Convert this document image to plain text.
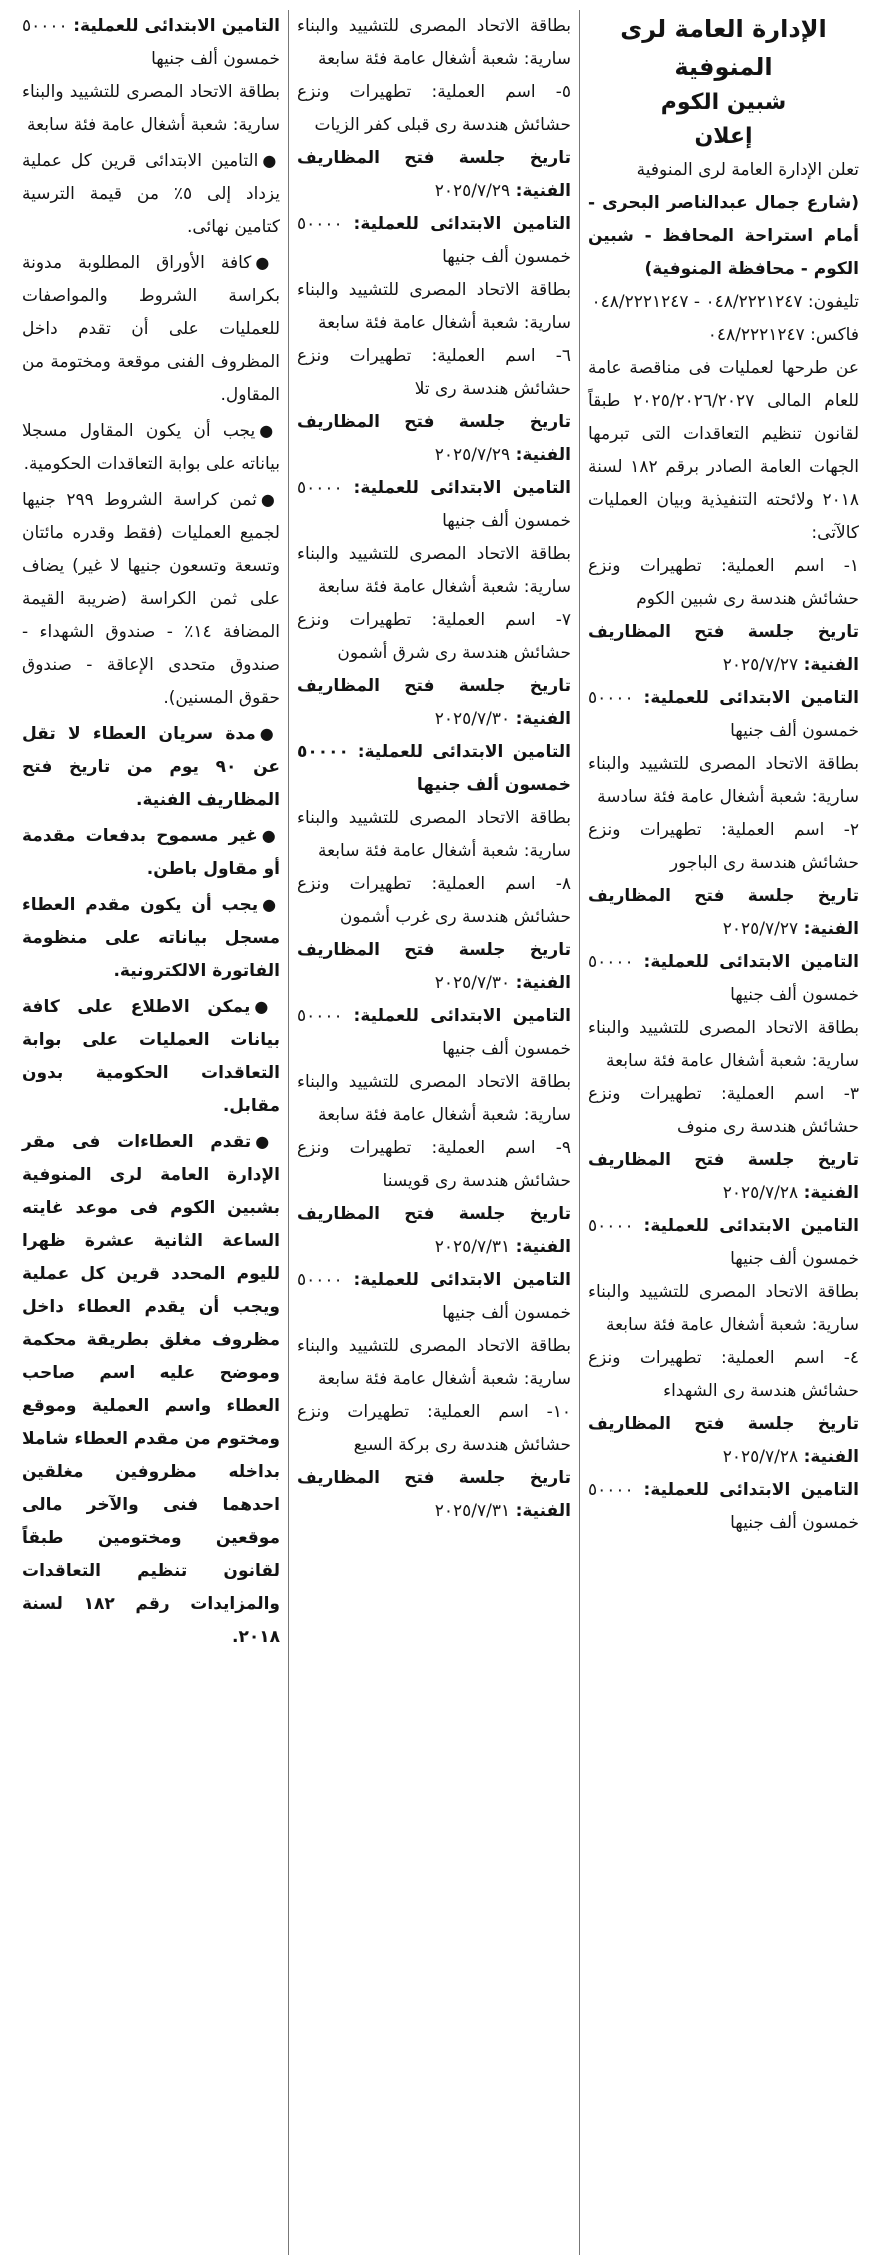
الإدارة العامة لرى المنوفية
شبين الكوم
إعلان

تعلن الإدارة العامة لرى المنوفية

(شارع جمال عبدالناصر البحرى - أمام استراحة المحافظ - شبين الكوم - محافظة المنوفية)

تليفون: ٠٤٨/٢٢٢١٢٤٧ - ٠٤٨/٢٢٢١٢٤٧

فاكس: ٠٤٨/٢٢٢١٢٤٧

عن طرحها لعمليات فى مناقصة عامة للعام المالى ٢٠٢٥/٢٠٢٦/٢٠٢٧ طبقاً لقانون تنظيم التعاقدات التى تبرمها الجهات العامة الصادر برقم ١٨٢ لسنة ٢٠١٨ ولائحته التنفيذية وبيان العمليات كالآتى:

١- اسم العملية: تطهيرات ونزع حشائش هندسة رى شبين الكوم

تاريخ جلسة فتح المظاريف الفنية: ٢٠٢٥/٧/٢٧

التامين الابتدائى للعملية: ٥٠٠٠٠ خمسون ألف جنيها

بطاقة الاتحاد المصرى للتشييد والبناء سارية: شعبة أشغال عامة فئة سادسة

٢- اسم العملية: تطهيرات ونزع حشائش هندسة رى الباجور

تاريخ جلسة فتح المظاريف الفنية: ٢٠٢٥/٧/٢٧

التامين الابتدائى للعملية: ٥٠٠٠٠ خمسون ألف جنيها

بطاقة الاتحاد المصرى للتشييد والبناء سارية: شعبة أشغال عامة فئة سابعة

٣- اسم العملية: تطهيرات ونزع حشائش هندسة رى منوف

تاريخ جلسة فتح المظاريف الفنية: ٢٠٢٥/٧/٢٨

التامين الابتدائى للعملية: ٥٠٠٠٠ خمسون ألف جنيها

بطاقة الاتحاد المصرى للتشييد والبناء سارية: شعبة أشغال عامة فئة سابعة

٤- اسم العملية: تطهيرات ونزع حشائش هندسة رى الشهداء

تاريخ جلسة فتح المظاريف الفنية: ٢٠٢٥/٧/٢٨

التامين الابتدائى للعملية: ٥٠٠٠٠ خمسون ألف جنيها

بطاقة الاتحاد المصرى للتشييد والبناء سارية: شعبة أشغال عامة فئة سابعة

٥- اسم العملية: تطهيرات ونزع حشائش هندسة رى قبلى كفر الزيات

تاريخ جلسة فتح المظاريف الفنية: ٢٠٢٥/٧/٢٩

التامين الابتدائى للعملية: ٥٠٠٠٠ خمسون ألف جنيها

بطاقة الاتحاد المصرى للتشييد والبناء سارية: شعبة أشغال عامة فئة سابعة

٦- اسم العملية: تطهيرات ونزع حشائش هندسة رى تلا

تاريخ جلسة فتح المظاريف الفنية: ٢٠٢٥/٧/٢٩

التامين الابتدائى للعملية: ٥٠٠٠٠ خمسون ألف جنيها

بطاقة الاتحاد المصرى للتشييد والبناء سارية: شعبة أشغال عامة فئة سابعة

٧- اسم العملية: تطهيرات ونزع حشائش هندسة رى شرق أشمون

تاريخ جلسة فتح المظاريف الفنية: ٢٠٢٥/٧/٣٠

التامين الابتدائى للعملية: ٥٠٠٠٠ خمسون ألف جنيها

بطاقة الاتحاد المصرى للتشييد والبناء سارية: شعبة أشغال عامة فئة سابعة

٨- اسم العملية: تطهيرات ونزع حشائش هندسة رى غرب أشمون

تاريخ جلسة فتح المظاريف الفنية: ٢٠٢٥/٧/٣٠

التامين الابتدائى للعملية: ٥٠٠٠٠ خمسون ألف جنيها

بطاقة الاتحاد المصرى للتشييد والبناء سارية: شعبة أشغال عامة فئة سابعة

٩- اسم العملية: تطهيرات ونزع حشائش هندسة رى قويسنا

تاريخ جلسة فتح المظاريف الفنية: ٢٠٢٥/٧/٣١

التامين الابتدائى للعملية: ٥٠٠٠٠ خمسون ألف جنيها

بطاقة الاتحاد المصرى للتشييد والبناء سارية: شعبة أشغال عامة فئة سابعة

١٠- اسم العملية: تطهيرات ونزع حشائش هندسة رى بركة السبع

تاريخ جلسة فتح المظاريف الفنية: ٢٠٢٥/٧/٣١

التامين الابتدائى للعملية: ٥٠٠٠٠ خمسون ألف جنيها

بطاقة الاتحاد المصرى للتشييد والبناء سارية: شعبة أشغال عامة فئة سابعة

●التامين الابتدائى قرين كل عملية يزداد إلى ٥٪ من قيمة الترسية كتامين نهائى.

●كافة الأوراق المطلوبة مدونة بكراسة الشروط والمواصفات للعمليات على أن تقدم داخل المظروف الفنى موقعة ومختومة من المقاول.

●يجب أن يكون المقاول مسجلا بياناته على بوابة التعاقدات الحكومية.

●ثمن كراسة الشروط ٢٩٩ جنيها لجميع العمليات (فقط وقدره مائتان وتسعة وتسعون جنيها لا غير) يضاف على ثمن الكراسة (ضريبة القيمة المضافة ١٤٪ - صندوق الشهداء - صندوق متحدى الإعاقة - صندوق حقوق المسنين).

●مدة سريان العطاء لا تقل عن ٩٠ يوم من تاريخ فتح المظاريف الفنية.

●غير مسموح بدفعات مقدمة أو مقاول باطن.

●يجب أن يكون مقدم العطاء مسجل بياناته على منظومة الفاتورة الالكترونية.

●يمكن الاطلاع على كافة بيانات العمليات على بوابة التعاقدات الحكومية بدون مقابل.

●تقدم العطاءات فى مقر الإدارة العامة لرى المنوفية بشبين الكوم فى موعد غايته الساعة الثانية عشرة ظهرا لليوم المحدد قرين كل عملية ويجب أن يقدم العطاء داخل مظروف مغلق بطريقة محكمة وموضح عليه اسم صاحب العطاء واسم العملية وموقع ومختوم من مقدم العطاء شاملا بداخله مظروفين مغلقين احدهما فنى والآخر مالى موقعين ومختومين طبقاً لقانون تنظيم التعاقدات والمزايدات رقم ١٨٢ لسنة ٢٠١٨.
